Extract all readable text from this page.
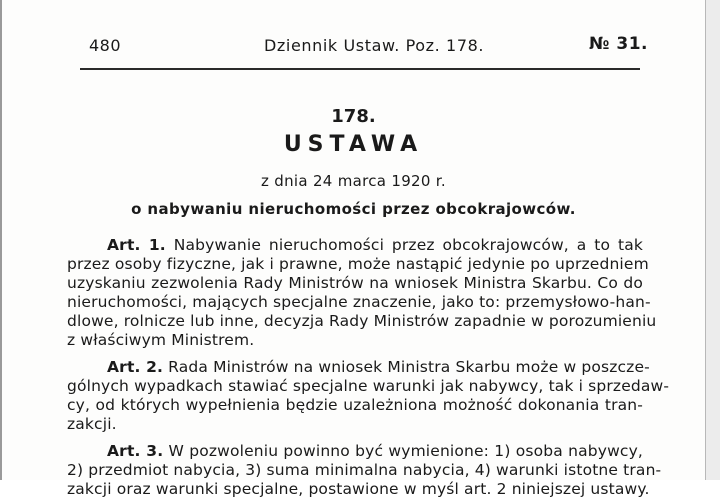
480	Dziennik Ustaw. Poz. 178.	№ 31.
178.
USTAWA
z dnia 24 marca 1920 r.
o nabywaniu nieruchomości przez obcokrajowców.
Art. 1. Nabywanie nieruchomości przez obcokrajowców, a to tak
przez osoby fizyczne, jak i prawne, może nastąpić jedynie po uprzedniem
uzyskaniu zezwolenia Rady Ministrów na wniosek Ministra Skarbu. Co do
nieruchomości, mających specjalne znaczenie, jako to: przemysłowo-han-
dlowe, rolnicze lub inne, decyzja Rady Ministrów zapadnie w porozumieniu
z właściwym Ministrem.
Art. 2. Rada Ministrów na wniosek Ministra Skarbu może w poszcze-
gólnych wypadkach stawiać specjalne warunki jak nabywcy, tak i sprzedaw-
cy, od których wypełnienia będzie uzależniona możność dokonania tran-
zakcji.
Art. 3. W pozwoleniu powinno być wymienione: 1) osoba nabywcy,
2) przedmiot nabycia, 3) suma minimalna nabycia, 4) warunki istotne tran-
zakcji oraz warunki specjalne, postawione w myśl art. 2 niniejszej ustawy.
